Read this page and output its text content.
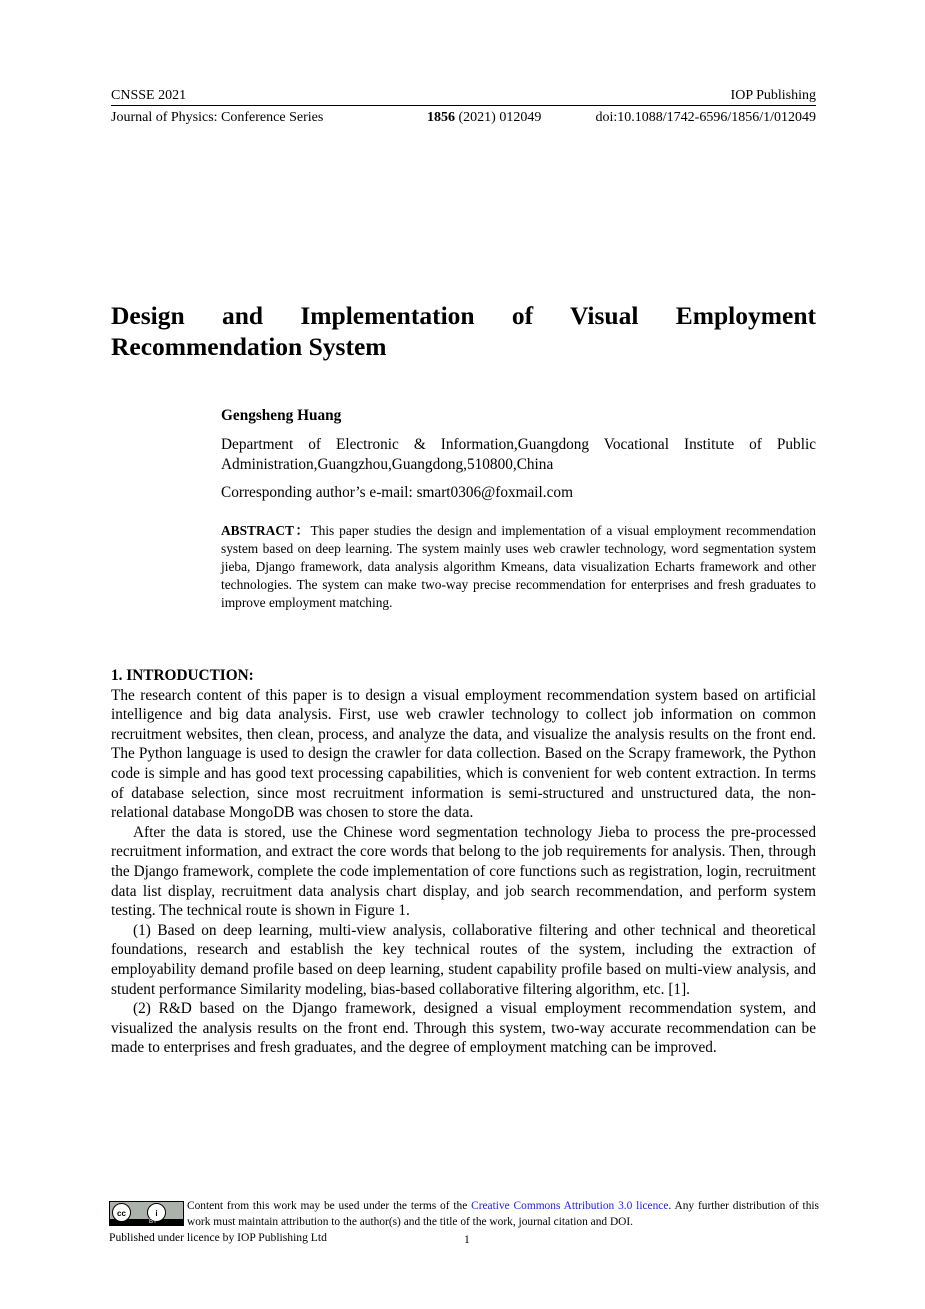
CNSSE 2021	IOP Publishing
Journal of Physics: Conference Series	1856 (2021) 012049	doi:10.1088/1742-6596/1856/1/012049
Design and Implementation of Visual Employment
Recommendation System
Gengsheng Huang
Department of Electronic & Information,Guangdong Vocational Institute of Public Administration,Guangzhou,Guangdong,510800,China
Corresponding author’s e-mail: smart0306@foxmail.com
ABSTRACT：This paper studies the design and implementation of a visual employment recommendation system based on deep learning. The system mainly uses web crawler technology, word segmentation system jieba, Django framework, data analysis algorithm Kmeans, data visualization Echarts framework and other technologies. The system can make two-way precise recommendation for enterprises and fresh graduates to improve employment matching.
1. INTRODUCTION:

The research content of this paper is to design a visual employment recommendation system based on artificial intelligence and big data analysis. First, use web crawler technology to collect job information on common recruitment websites, then clean, process, and analyze the data, and visualize the analysis results on the front end. The Python language is used to design the crawler for data collection. Based on the Scrapy framework, the Python code is simple and has good text processing capabilities, which is convenient for web content extraction. In terms of database selection, since most recruitment information is semi-structured and unstructured data, the non-relational database MongoDB was chosen to store the data.

After the data is stored, use the Chinese word segmentation technology Jieba to process the pre-processed recruitment information, and extract the core words that belong to the job requirements for analysis. Then, through the Django framework, complete the code implementation of core functions such as registration, login, recruitment data list display, recruitment data analysis chart display, and job search recommendation, and perform system testing. The technical route is shown in Figure 1.

(1) Based on deep learning, multi-view analysis, collaborative filtering and other technical and theoretical foundations, research and establish the key technical routes of the system, including the extraction of employability demand profile based on deep learning, student capability profile based on multi-view analysis, and student performance Similarity modeling, bias-based collaborative filtering algorithm, etc. [1].

(2) R&D based on the Django framework, designed a visual employment recommendation system, and visualized the analysis results on the front end. Through this system, two-way accurate recommendation can be made to enterprises and fresh graduates, and the degree of employment matching can be improved.

cc	i
BY
Content from this work may be used under the terms of the Creative Commons Attribution 3.0 licence. Any further distribution of this work must maintain attribution to the author(s) and the title of the work, journal citation and DOI.
Published under licence by IOP Publishing Ltd	1
